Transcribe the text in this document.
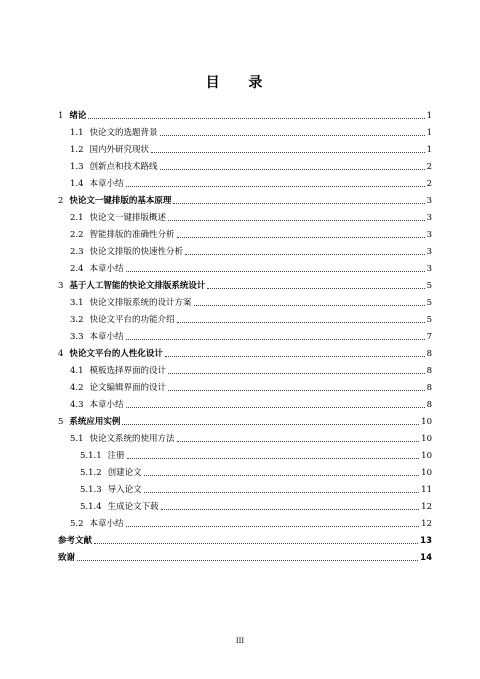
目 录
1 绪论	1
1.1 快论文的选题背景	1
1.2 国内外研究现状	1
1.3 创新点和技术路线	2
1.4 本章小结	2
2 快论文一键排版的基本原理	3
2.1 快论文一键排版概述	3
2.2 智能排版的准确性分析	3
2.3 快论文排版的快速性分析	3
2.4 本章小结	3
3 基于人工智能的快论文排版系统设计	5
3.1 快论文排版系统的设计方案	5
3.2 快论文平台的功能介绍	5
3.3 本章小结	7
4 快论文平台的人性化设计	8
4.1 模板选择界面的设计	8
4.2 论文编辑界面的设计	8
4.3 本章小结	8
5 系统应用实例	10
5.1 快论文系统的使用方法	10
5.1.1 注册	10
5.1.2 创建论文	10
5.1.3 导入论文	11
5.1.4 生成论文下载	12
5.2 本章小结	12
参考文献	13
致谢	14
III
